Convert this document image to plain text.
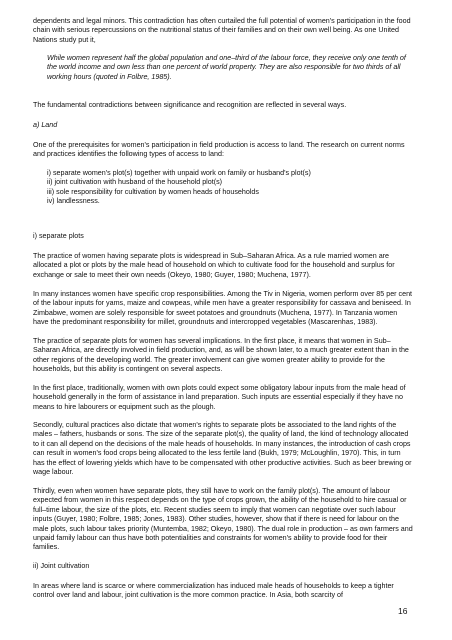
dependents and legal minors. This contradiction has often curtailed the full potential of women's participation in the food chain with serious repercussions on the nutritional status of their families and on their own well being. As one United Nations study put it,

While women represent half the global population and one–third of the labour force, they receive only one tenth of the world income and own less than one percent of world property. They are also responsible for two thirds of all working hours (quoted in Folbre, 1985).

The fundamental contradictions between significance and recognition are reflected in several ways.

a) Land

One of the prerequisites for women's participation in field production is access to land. The research on current norms and practices identifies the following types of access to land:

i) separate women's plot(s) together with unpaid work on family or husband's plot(s)
ii) joint cultivation with husband of the household plot(s)
iii) sole responsibility for cultivation by women heads of households
iv) landlessness.

i) separate plots

The practice of women having separate plots is widespread in Sub–Saharan Africa. As a rule married women are allocated a plot or plots by the male head of household on which to cultivate food for the household and surplus for exchange or sale to meet their own needs (Okeyo, 1980; Guyer, 1980; Muchena, 1977).

In many instances women have specific crop responsibilities. Among the Tiv in Nigeria, women perform over 85 per cent of the labour inputs for yams, maize and cowpeas, while men have a greater responsibility for cassava and beniseed. In Zimbabwe, women are solely responsible for sweet potatoes and groundnuts (Muchena, 1977). In Tanzania women have the predominant responsibility for millet, groundnuts and intercropped vegetables (Mascarenhas, 1983).

The practice of separate plots for women has several implications. In the first place, it means that women in Sub–Saharan Africa, are directly involved in field production, and, as will be shown later, to a much greater extent than in the other regions of the developing world. The greater involvement can give women greater ability to provide for the households, but this ability is contingent on several aspects.

In the first place, traditionally, women with own plots could expect some obligatory labour inputs from the male head of household generally in the form of assistance in land preparation. Such inputs are essential especially if they have no means to hire labourers or equipment such as the plough.

Secondly, cultural practices also dictate that women's rights to separate plots be associated to the land rights of the males – fathers, husbands or sons. The size of the separate plot(s), the quality of land, the kind of technology allocated to it can all depend on the decisions of the male heads of households. In many instances, the introduction of cash crops can result in women's food crops being allocated to the less fertile land (Bukh, 1979; McLoughlin, 1970). This, in turn has the effect of lowering yields which have to be compensated with other productive activities. Such as beer brewing or wage labour.

Thirdly, even when women have separate plots, they still have to work on the family plot(s). The amount of labour expected from women in this respect depends on the type of crops grown, the ability of the household to hire casual or full–time labour, the size of the plots, etc. Recent studies seem to imply that women can negotiate over such labour inputs (Guyer, 1980; Folbre, 1985; Jones, 1983). Other studies, however, show that if there is need for labour on the male plots, such labour takes priority (Muntemba, 1982; Okeyo, 1980). The dual role in production – as own farmers and unpaid family labour can thus have both potentialities and constraints for women's ability to provide food for their families.

ii) Joint cultivation

In areas where land is scarce or where commercialization has induced male heads of households to keep a tighter control over land and labour, joint cultivation is the more common practice. In Asia, both scarcity of

16
